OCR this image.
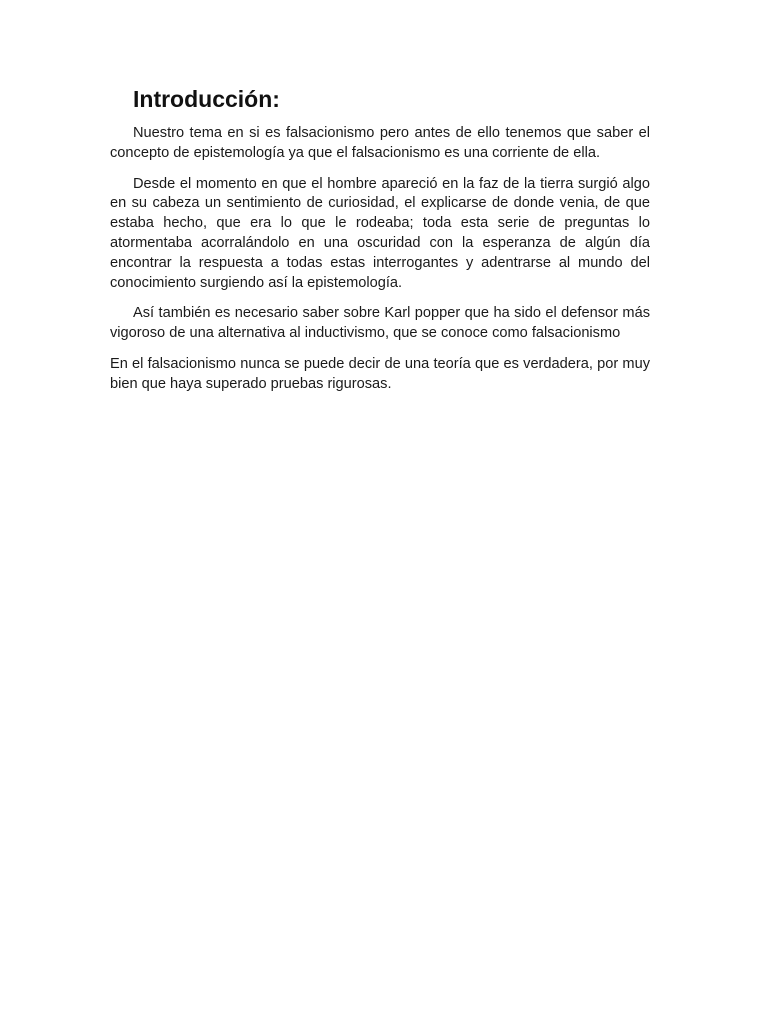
Introducción:

Nuestro tema en si es falsacionismo pero antes de ello tenemos que saber el concepto de epistemología ya que el falsacionismo es una corriente de ella.

Desde el momento en que el hombre apareció en la faz de la tierra surgió algo en su cabeza un sentimiento de curiosidad, el explicarse de donde venia, de que estaba hecho, que era lo que le rodeaba; toda esta serie de preguntas lo atormentaba acorralándolo en una oscuridad con la esperanza de algún día encontrar la respuesta a todas estas interrogantes y adentrarse al mundo del conocimiento surgiendo así la epistemología.

Así también es necesario saber sobre Karl popper que ha sido el defensor más vigoroso de una alternativa al inductivismo, que se conoce como falsacionismo

En el falsacionismo nunca se puede decir de una teoría que es verdadera, por muy bien que haya superado pruebas rigurosas.
